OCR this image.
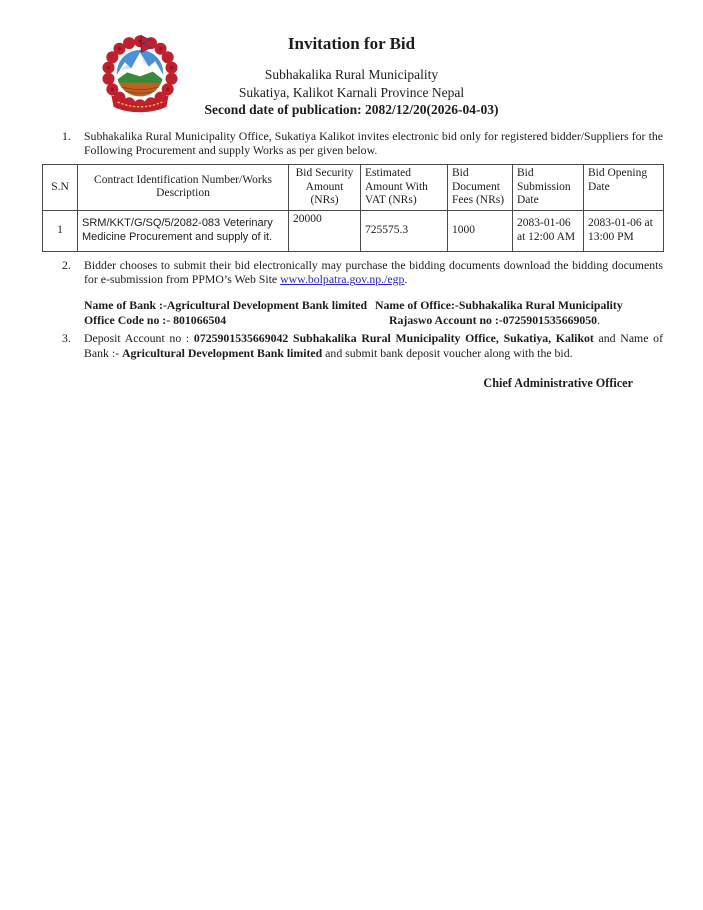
Invitation for Bid
Subhakalika Rural Municipality
Sukatiya, Kalikot Karnali Province Nepal
Second date of publication: 2082/12/20(2026-04-03)
1.	Subhakalika Rural Municipality Office, Sukatiya Kalikot invites electronic bid only for registered bidder/Suppliers for the Following Procurement and supply Works as per given below.
S.N	Contract Identification Number/Works Description	Bid Security Amount (NRs)	Estimated Amount With VAT (NRs)	Bid Document Fees (NRs)	Bid Submission Date	Bid Opening Date
1	SRM/KKT/G/SQ/5/2082-083 Veterinary Medicine Procurement and supply of it.	20000	725575.3	1000	2083-01-06 at 12:00 AM	2083-01-06 at 13:00 PM
2.	Bidder chooses to submit their bid electronically may purchase the bidding documents download the bidding documents for e-submission from PPMO’s Web Site www.bolpatra.gov.np./egp.
Name of Bank :-Agricultural Development Bank limited
Office Code no :- 801066504
Name of Office:-Subhakalika Rural Municipality
Rajaswo Account no :-0725901535669050.
3.	Deposit Account no : 0725901535669042 Subhakalika Rural Municipality Office, Sukatiya, Kalikot and Name of Bank :- Agricultural Development Bank limited and submit bank deposit voucher along with the bid.
Chief Administrative Officer
